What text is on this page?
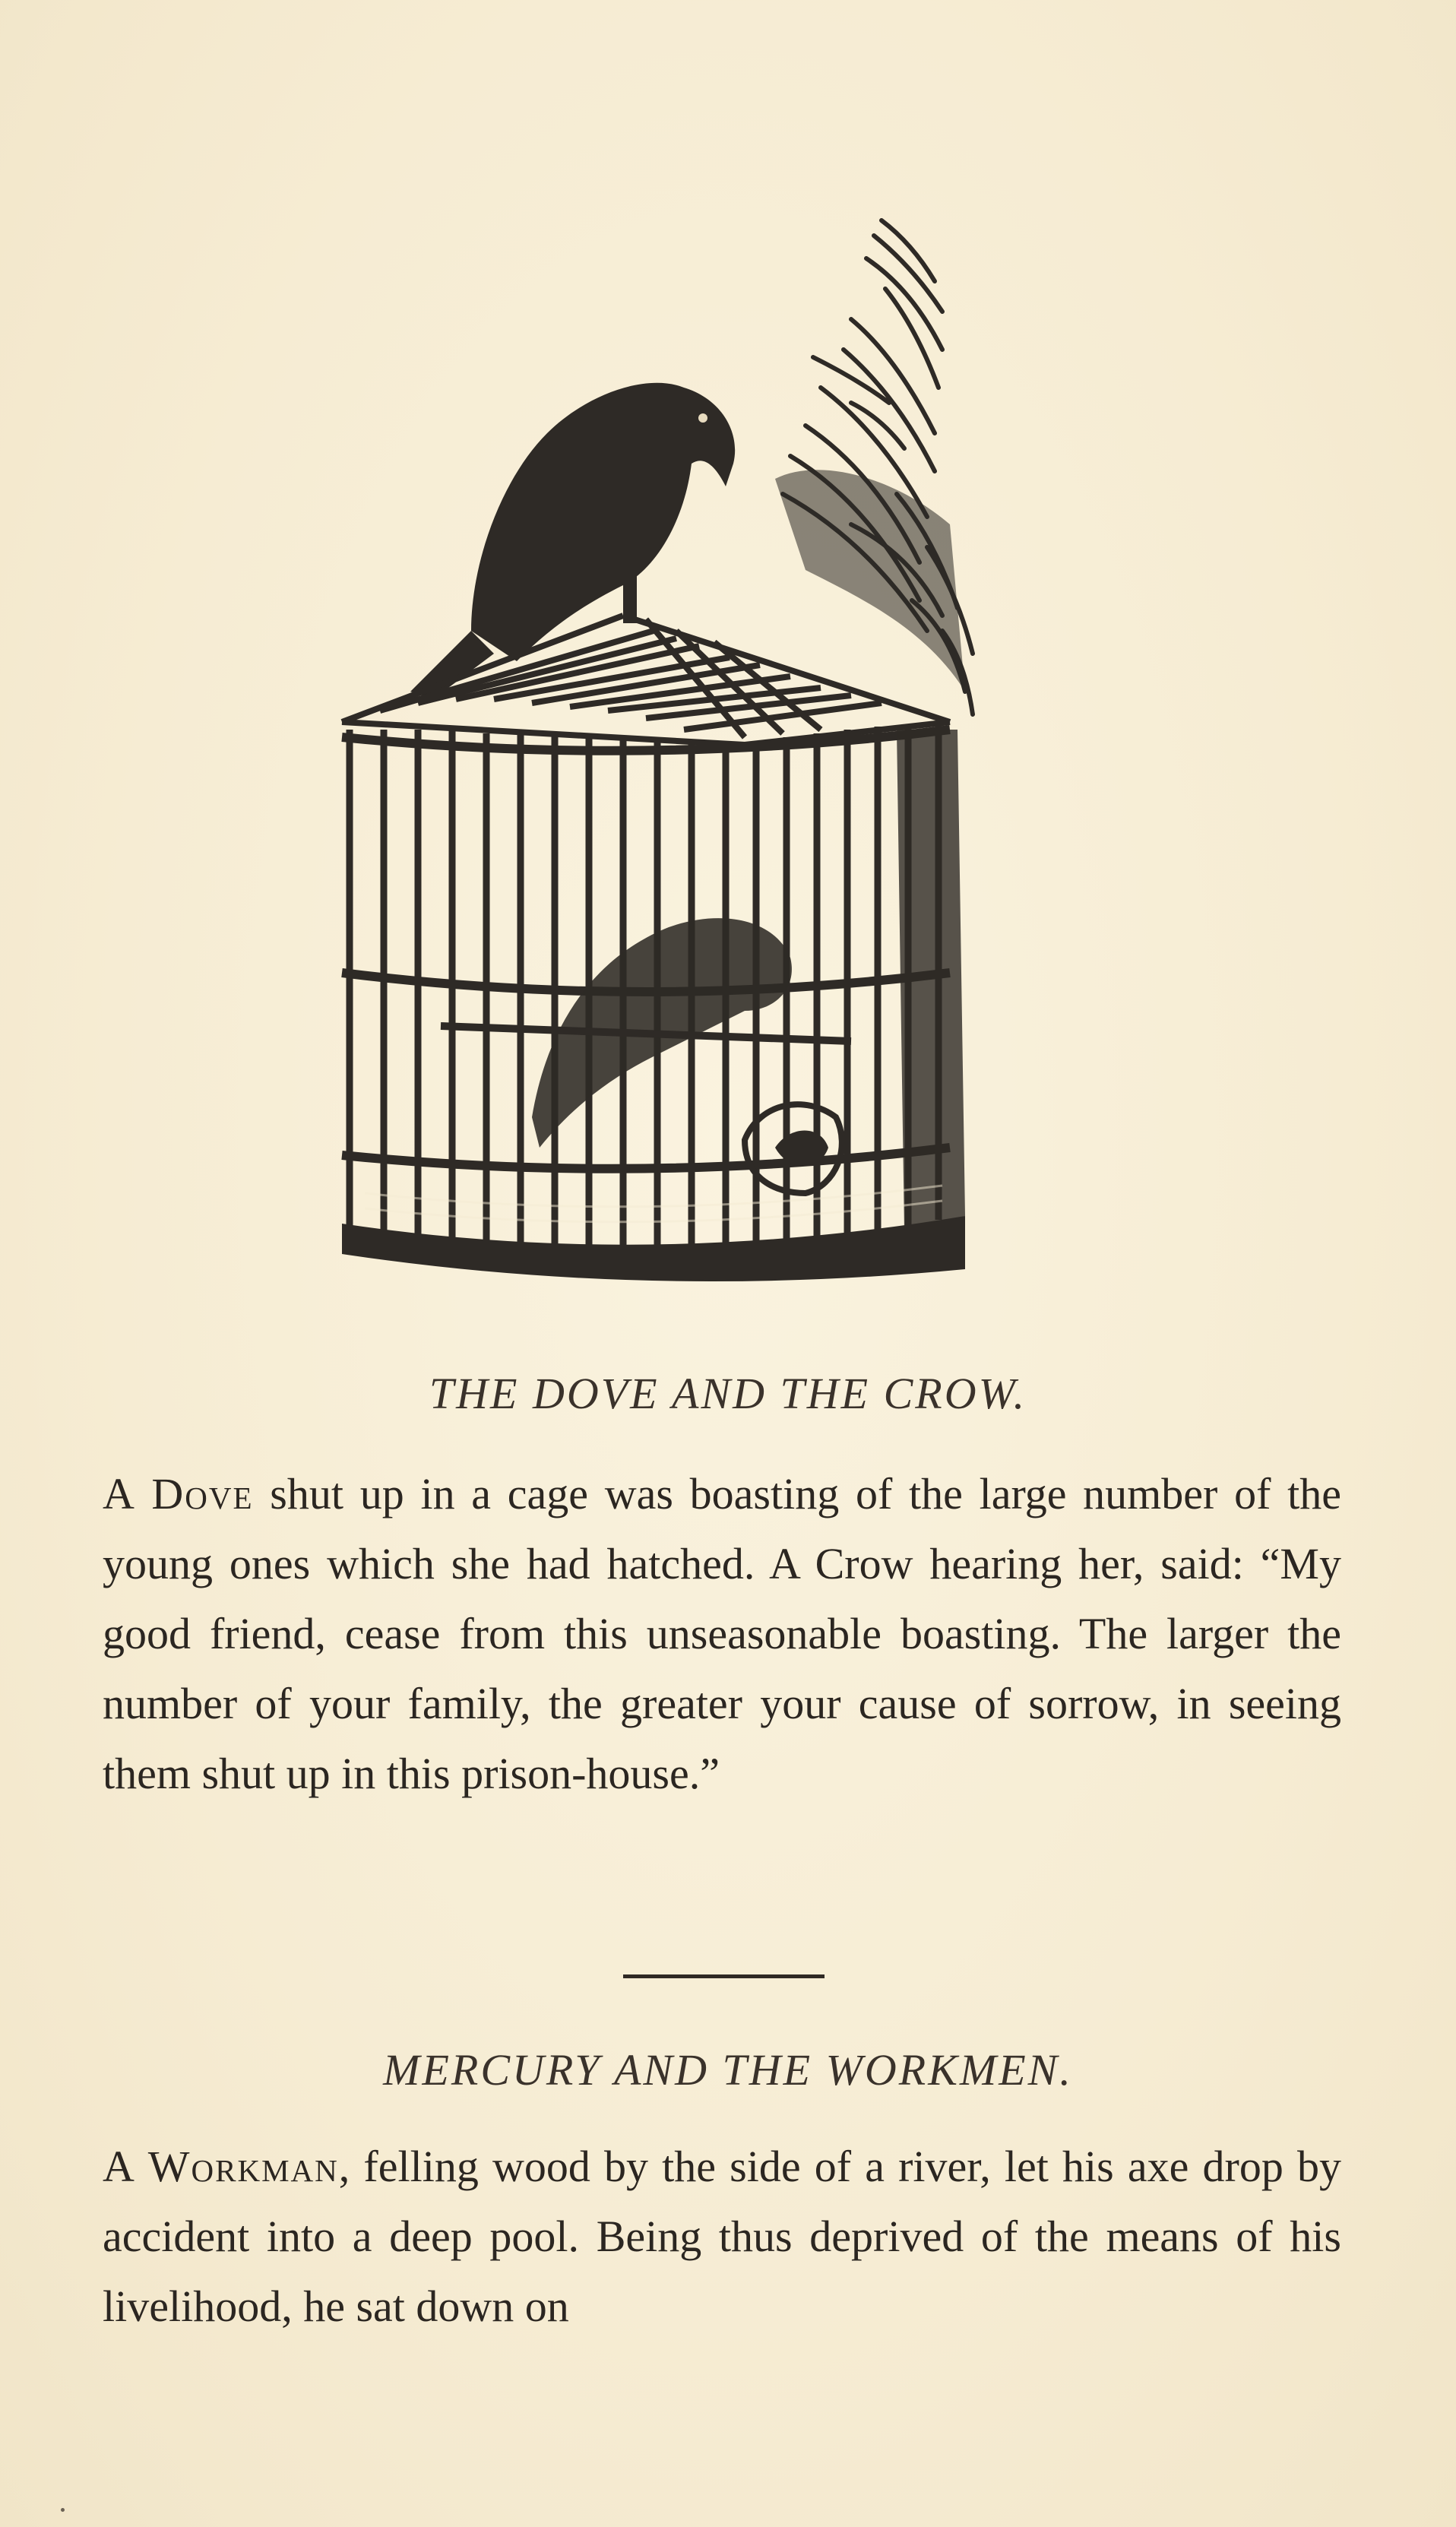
THE DOVE AND THE CROW.

A Dove shut up in a cage was boasting of the large number of the young ones which she had hatched. A Crow hearing her, said: “My good friend, cease from this unseasonable boasting. The larger the number of your family, the greater your cause of sorrow, in seeing them shut up in this prison-house.”

MERCURY AND THE WORKMEN.

A Workman, felling wood by the side of a river, let his axe drop by accident into a deep pool. Being thus deprived of the means of his livelihood, he sat down on
